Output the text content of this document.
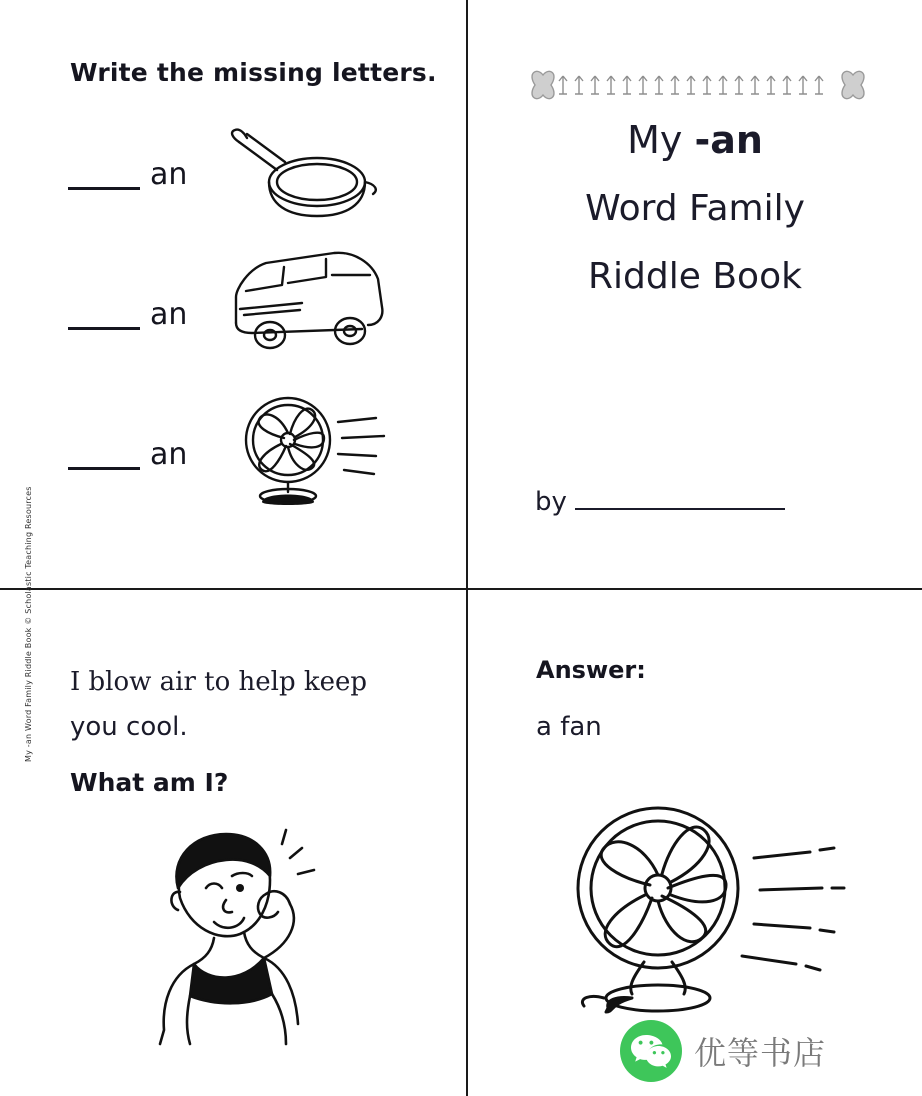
Write the missing letters.
an
an
an
My -an
Word Family
Riddle Book
by
I blow air to help keep
you cool.
What am I?
My -an Word Family Riddle Book © Scholastic Teaching Resources	Answer:
a fan
优等书店
